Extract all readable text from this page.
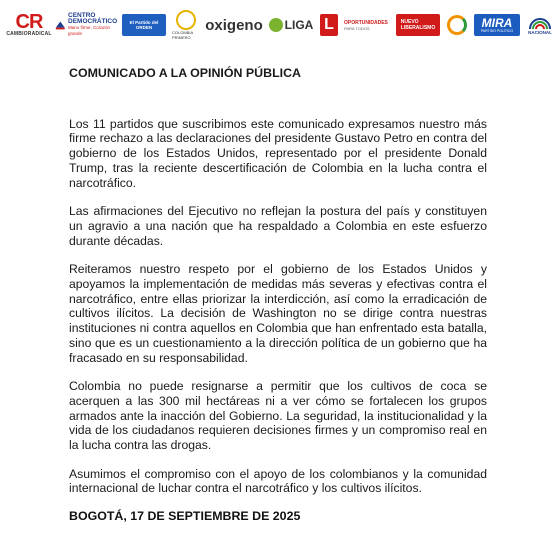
CR
CAMBIORADICAL
CENTRO
DEMOCRÁTICO
Mano firme, Corazón grande
El Partido del ORDEN
COLOMBIA PRIMERO
oxigeno LIGA L	OPORTUNIDADES
PARA TODOS
NUEVO
LIBERALISMO	MIRA
PARTIDO POLITICO	NACIONAL
COMUNICADO A LA OPINIÓN PÚBLICA

Los 11 partidos que suscribimos este comunicado expresamos nuestro más firme rechazo a las declaraciones del presidente Gustavo Petro en contra del gobierno de los Estados Unidos, representado por el presidente Donald Trump, tras la reciente descertificación de Colombia en la lucha contra el narcotráfico.

Las afirmaciones del Ejecutivo no reflejan la postura del país y constituyen un agravio a una nación que ha respaldado a Colombia en este esfuerzo durante décadas.

Reiteramos nuestro respeto por el gobierno de los Estados Unidos y apoyamos la implementación de medidas más severas y efectivas contra el narcotráfico, entre ellas priorizar la interdicción, así como la erradicación de cultivos ilícitos. La decisión de Washington no se dirige contra nuestras instituciones ni contra aquellos en Colombia que han enfrentado esta batalla, sino que es un cuestionamiento a la dirección política de un gobierno que ha fracasado en su responsabilidad.

Colombia no puede resignarse a permitir que los cultivos de coca se acerquen a las 300 mil hectáreas ni a ver cómo se fortalecen los grupos armados ante la inacción del Gobierno. La seguridad, la institucionalidad y la vida de los ciudadanos requieren decisiones firmes y un compromiso real en la lucha contra las drogas.

Asumimos el compromiso con el apoyo de los colombianos y la comunidad internacional de luchar contra el narcotráfico y los cultivos ilícitos.

BOGOTÁ, 17 DE SEPTIEMBRE DE 2025
